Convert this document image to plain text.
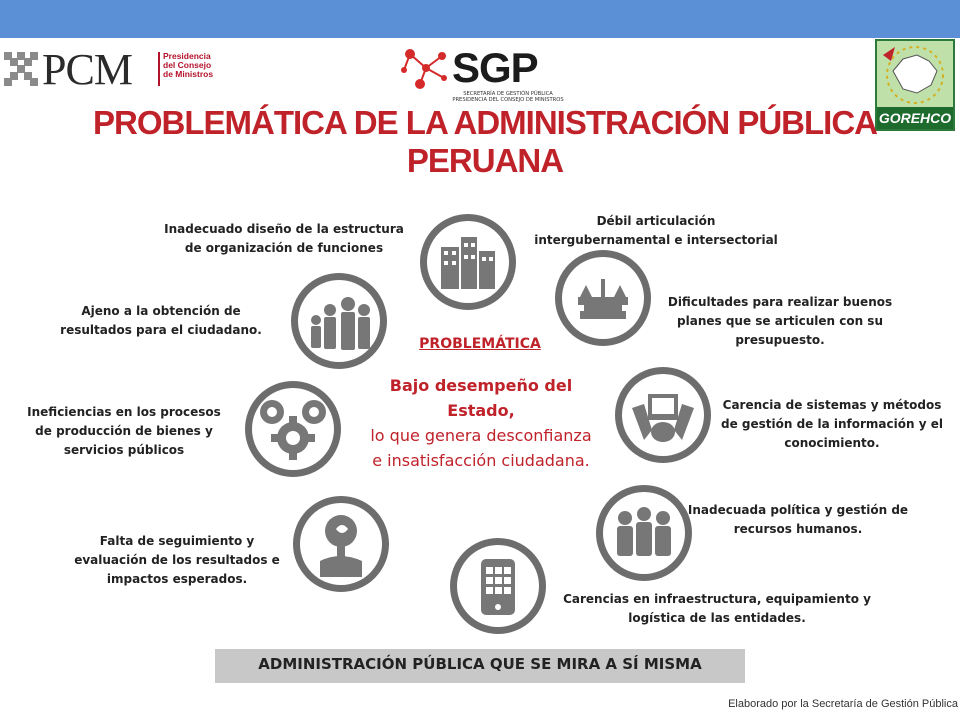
PCM	Presidencia del Consejo de Ministros	SGP
SECRETARÍA DE GESTIÓN PÚBLICA PRESIDENCIA DEL CONSEJO DE MINISTROS
GOREHCO
PROBLEMÁTICA DE LA ADMINISTRACIÓN PÚBLICA PERUANA
Inadecuado diseño de la estructura de organización de funciones
Débil articulación intergubernamental e intersectorial
Dificultades para realizar buenos planes que se articulen con su presupuesto.
Carencia de sistemas y métodos de gestión de la información y el conocimiento.
Inadecuada política y gestión de recursos humanos.
Carencias en infraestructura, equipamiento y logística de las entidades.
Falta de seguimiento y evaluación de los resultados e impactos esperados.
Ineficiencias en los procesos de producción de bienes y servicios públicos
Ajeno a la obtención de resultados para el ciudadano.
PROBLEMÁTICA
Bajo desempeño del Estado,
lo que genera desconfianza e insatisfacción ciudadana.
ADMINISTRACIÓN PÚBLICA QUE SE MIRA A SÍ MISMA
Elaborado por la Secretaría de Gestión Pública
